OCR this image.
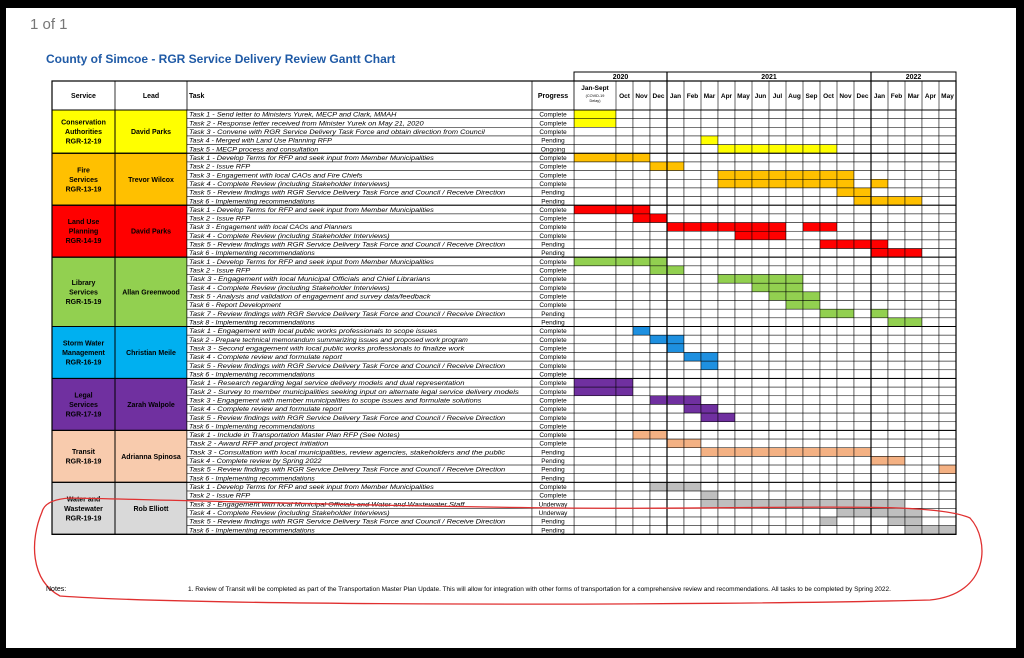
1 of 1
County of Simcoe - RGR Service Delivery Review Gantt Chart
2020	2021	2022
Service	Lead	Task	Progress
Jan-Sept
(COVID-19
Delay)
Oct Nov Dec Jan Feb Mar Apr May Jun Jul Aug Sep Oct Nov Dec Jan Feb Mar Apr May
Conservation
Authorities
RGR-12-19
David Parks
Task 1 - Send letter to Ministers Yurek, MECP and Clark, MMAH	Complete
Task 2 - Response letter received from Minister Yurek on May 21, 2020	Complete
Task 3 - Convene with RGR Service Delivery Task Force and obtain direction from Council	Complete
Task 4 - Merged with Land Use Planning RFP	Pending
Task 5 - MECP process and consultation	Ongoing
Fire
Services
RGR-13-19
Trevor Wilcox
Task 1 - Develop Terms for RFP and seek input from Member Municipalities	Complete
Task 2 - Issue RFP	Complete
Task 3 - Engagement with local CAOs and Fire Chiefs	Complete
Task 4 - Complete Review (including Stakeholder Interviews)	Complete
Task 5 - Review findings with RGR Service Delivery Task Force and Council / Receive Direction	Pending
Task 6 - Implementing recommendations	Pending
Land Use
Planning
RGR-14-19
David Parks
Task 1 - Develop Terms for RFP and seek input from Member Municipalities	Complete
Task 2 - Issue RFP	Complete
Task 3 - Engagement with local CAOs and Planners	Complete
Task 4 - Complete Review (including Stakeholder Interviews)	Complete
Task 5 - Review findings with RGR Service Delivery Task Force and Council / Receive Direction	Pending
Task 6 - Implementing recommendations	Pending
Library
Services
RGR-15-19
Allan Greenwood
Task 1 - Develop Terms for RFP and seek input from Member Municipalities	Complete
Task 2 - Issue RFP	Complete
Task 3 - Engagement with local Municipal Officials and Chief Librarians	Complete
Task 4 - Complete Review (including Stakeholder Interviews)	Complete
Task 5 - Analysis and validation of engagement and survey data/feedback	Complete
Task 6 - Report Development	Complete
Task 7 - Review findings with RGR Service Delivery Task Force and Council / Receive Direction	Pending
Task 8 - Implementing recommendations	Pending
Storm Water
Management
RGR-16-19
Christian Meile
Task 1 - Engagement with local public works professionals to scope issues	Complete
Task 2 - Prepare technical memorandum summarizing issues and proposed work program	Complete
Task 3 - Second engagement with local public works professionals to finalize work	Complete
Task 4 - Complete review and formulate report	Complete
Task 5 - Review findings with RGR Service Delivery Task Force and Council / Receive Direction	Complete
Task 6 - Implementing recommendations	Complete
Legal
Services
RGR-17-19
Zarah Walpole
Task 1 - Research regarding legal service delivery models and dual representation	Complete
Task 2 - Survey to member municipalities seeking input on alternate legal service delivery models	Complete
Task 3 - Engagement with member municipalities to scope issues and formulate solutions	Complete
Task 4 - Complete review and formulate report	Complete
Task 5 - Review findings with RGR Service Delivery Task Force and Council / Receive Direction	Complete
Task 6 - Implementing recommendations	Complete
Transit
RGR-18-19
Adrianna Spinosa
Task 1 - Include in Transportation Master Plan RFP (See Notes)	Complete
Task 2 - Award RFP and project initiation	Complete
Task 3 - Consultation with local municipalities, review agencies, stakeholders and the public	Pending
Task 4 - Complete review by Spring 2022	Pending
Task 5 - Review findings with RGR Service Delivery Task Force and Council / Receive Direction	Pending
Task 6 - Implementing recommendations	Pending
Water and
Wastewater
RGR-19-19
Rob Elliott
Task 1 - Develop Terms for RFP and seek input from Member Municipalities	Complete
Task 2 - Issue RFP	Complete
Task 3 - Engagement with local Municipal Officials and Water and Wastewater Staff	Underway
Task 4 - Complete Review (including Stakeholder Interviews)	Underway
Task 5 - Review findings with RGR Service Delivery Task Force and Council / Receive Direction	Pending
Task 6 - Implementing recommendations	Pending
Notes:	1. Review of Transit will be completed as part of the Transportation Master Plan Update. This will allow for integration with other forms of transportation for a comprehensive review and recommendations. All tasks to be completed by Spring 2022.
